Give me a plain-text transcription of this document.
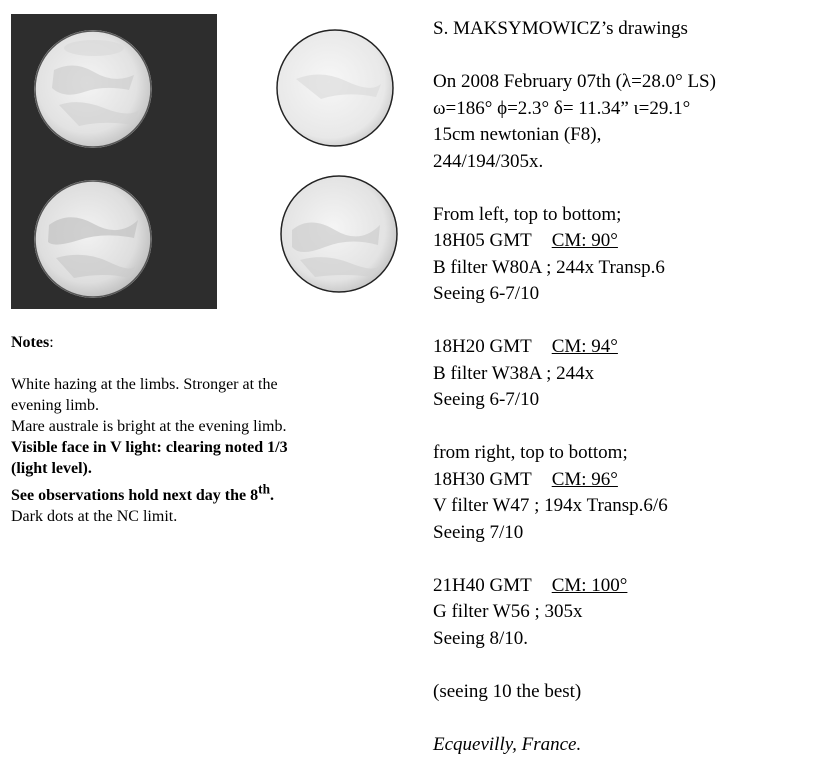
Notes:
White hazing at the limbs. Stronger at the
evening limb.
Mare australe is bright at the evening limb.
Visible face in V light: clearing noted 1/3
(light level).
See observations hold next day the 8th.
Dark dots at the NC limit.
S. MAKSYMOWICZ’s drawings
On 2008 February 07th (λ=28.0° LS)
ω=186° ϕ=2.3° δ= 11.34” ι=29.1°
15cm newtonian (F8),
244/194/305x.
From left, top to bottom;
18H05 GMT CM: 90°
B filter W80A ; 244x Transp.6
Seeing 6-7/10
18H20 GMT CM: 94°
B filter W38A ; 244x
Seeing 6-7/10
from right, top to bottom;
18H30 GMT CM: 96°
V filter W47 ; 194x Transp.6/6
Seeing 7/10
21H40 GMT CM: 100°
G filter W56 ; 305x
Seeing 8/10.
(seeing 10 the best)
Ecquevilly, France.
